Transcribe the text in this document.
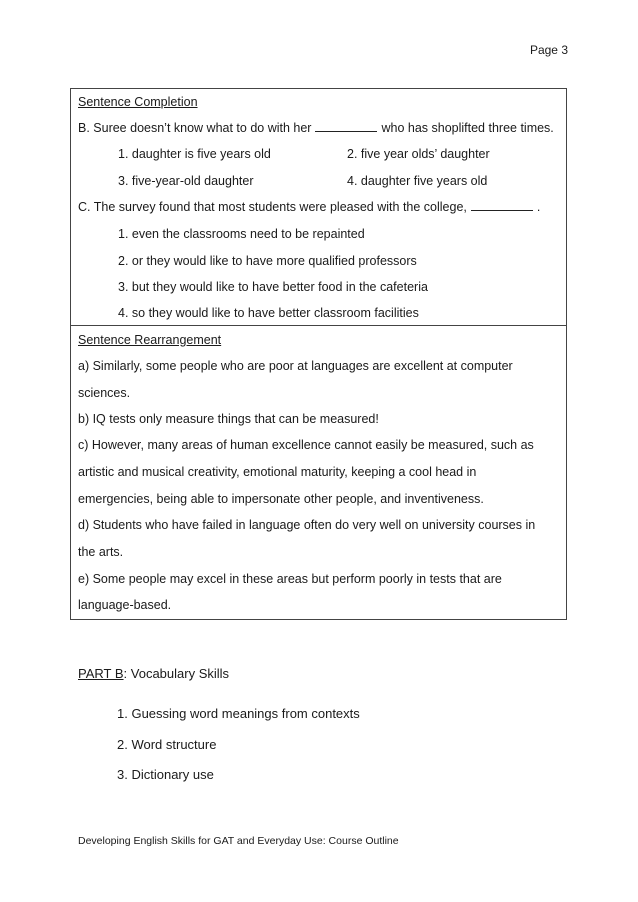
Page 3
Sentence Completion
B. Suree doesn’t know what to do with her	who has shoplifted three times.
1. daughter is five years old	2. five year olds’ daughter
3. five-year-old daughter	4. daughter five years old
C. The survey found that most students were pleased with the college,	.
1. even the classrooms need to be repainted
2. or they would like to have more qualified professors
3. but they would like to have better food in the cafeteria
4. so they would like to have better classroom facilities
Sentence Rearrangement
a) Similarly, some people who are poor at languages are excellent at computer
sciences.
b) IQ tests only measure things that can be measured!
c) However, many areas of human excellence cannot easily be measured, such as
artistic and musical creativity, emotional maturity, keeping a cool head in
emergencies, being able to impersonate other people, and inventiveness.
d) Students who have failed in language often do very well on university courses in
the arts.
e) Some people may excel in these areas but perform poorly in tests that are
language-based.
PART B: Vocabulary Skills
1. Guessing word meanings from contexts
2. Word structure
3. Dictionary use
Developing English Skills for GAT and Everyday Use: Course Outline
